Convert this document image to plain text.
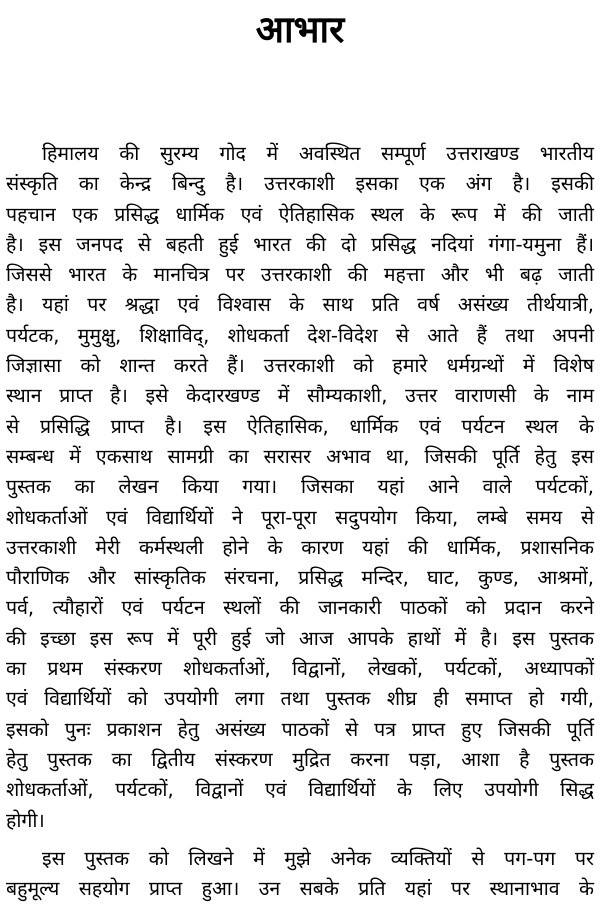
आभार
हिमालय की सुरम्य गोद में अवस्थित सम्पूर्ण उत्तराखण्ड भारतीय
संस्कृति का केन्द्र बिन्दु है। उत्तरकाशी इसका एक अंग है। इसकी
पहचान एक प्रसिद्ध धार्मिक एवं ऐतिहासिक स्थल के रूप में की जाती
है। इस जनपद से बहती हुई भारत की दो प्रसिद्ध नदियां गंगा-यमुना हैं।
जिससे भारत के मानचित्र पर उत्तरकाशी की महत्ता और भी बढ़ जाती
है। यहां पर श्रद्धा एवं विश्वास के साथ प्रति वर्ष असंख्य तीर्थयात्री,
पर्यटक, मुमुक्षु, शिक्षाविद्, शोधकर्ता देश-विदेश से आते हैं तथा अपनी
जिज्ञासा को शान्त करते हैं। उत्तरकाशी को हमारे धर्मग्रन्थों में विशेष
स्थान प्राप्त है। इसे केदारखण्ड में सौम्यकाशी, उत्तर वाराणसी के नाम
से प्रसिद्धि प्राप्त है। इस ऐतिहासिक, धार्मिक एवं पर्यटन स्थल के
सम्बन्ध में एकसाथ सामग्री का सरासर अभाव था, जिसकी पूर्ति हेतु इस
पुस्तक का लेखन किया गया। जिसका यहां आने वाले पर्यटकों,
शोधकर्ताओं एवं विद्यार्थियों ने पूरा-पूरा सदुपयोग किया, लम्बे समय से
उत्तरकाशी मेरी कर्मस्थली होने के कारण यहां की धार्मिक, प्रशासनिक
पौराणिक और सांस्कृतिक संरचना, प्रसिद्ध मन्दिर, घाट, कुण्ड, आश्रमों,
पर्व, त्यौहारों एवं पर्यटन स्थलों की जानकारी पाठकों को प्रदान करने
की इच्छा इस रूप में पूरी हुई जो आज आपके हाथों में है। इस पुस्तक
का प्रथम संस्करण शोधकर्ताओं, विद्वानों, लेखकों, पर्यटकों, अध्यापकों
एवं विद्यार्थियों को उपयोगी लगा तथा पुस्तक शीघ्र ही समाप्त हो गयी,
इसको पुनः प्रकाशन हेतु असंख्य पाठकों से पत्र प्राप्त हुए जिसकी पूर्ति
हेतु पुस्तक का द्वितीय संस्करण मुद्रित करना पड़ा, आशा है पुस्तक
शोधकर्ताओं, पर्यटकों, विद्वानों एवं विद्यार्थियों के लिए उपयोगी सिद्ध
होगी।
इस पुस्तक को लिखने में मुझे अनेक व्यक्तियों से पग-पग पर
बहुमूल्य सहयोग प्राप्त हुआ। उन सबके प्रति यहां पर स्थानाभाव के
